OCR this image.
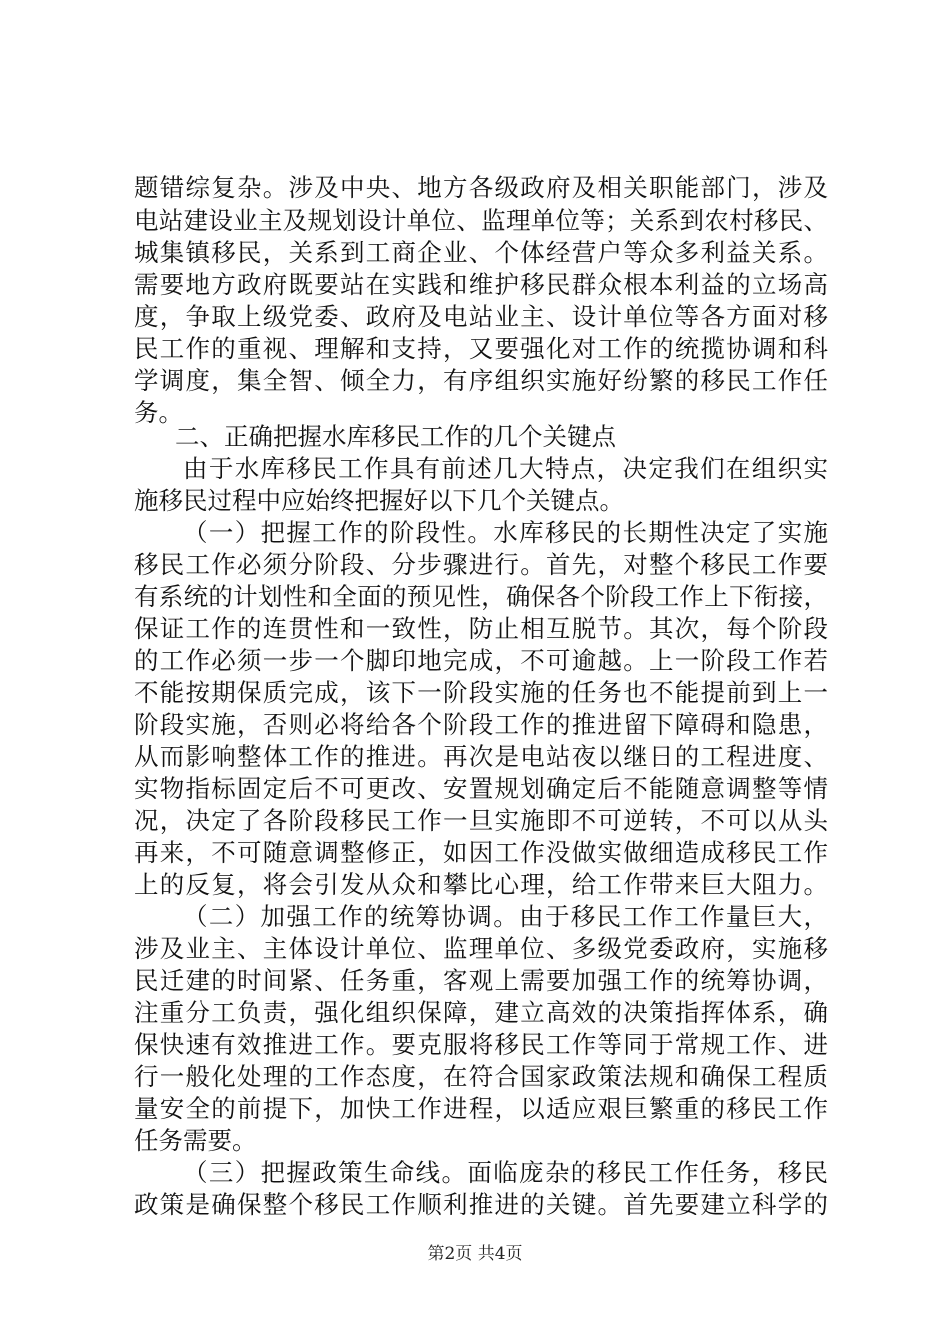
题错综复杂。涉及中央、地方各级政府及相关职能部门，涉及
电站建设业主及规划设计单位、监理单位等；关系到农村移民、
城集镇移民，关系到工商企业、个体经营户等众多利益关系。
需要地方政府既要站在实践和维护移民群众根本利益的立场高
度，争取上级党委、政府及电站业主、设计单位等各方面对移
民工作的重视、理解和支持，又要强化对工作的统揽协调和科
学调度，集全智、倾全力，有序组织实施好纷繁的移民工作任
务。
二、正确把握水库移民工作的几个关键点
由于水库移民工作具有前述几大特点，决定我们在组织实
施移民过程中应始终把握好以下几个关键点。
（一）把握工作的阶段性。水库移民的长期性决定了实施
移民工作必须分阶段、分步骤进行。首先，对整个移民工作要
有系统的计划性和全面的预见性，确保各个阶段工作上下衔接，
保证工作的连贯性和一致性，防止相互脱节。其次，每个阶段
的工作必须一步一个脚印地完成，不可逾越。上一阶段工作若
不能按期保质完成，该下一阶段实施的任务也不能提前到上一
阶段实施，否则必将给各个阶段工作的推进留下障碍和隐患，
从而影响整体工作的推进。再次是电站夜以继日的工程进度、
实物指标固定后不可更改、安置规划确定后不能随意调整等情
况，决定了各阶段移民工作一旦实施即不可逆转，不可以从头
再来，不可随意调整修正，如因工作没做实做细造成移民工作
上的反复，将会引发从众和攀比心理，给工作带来巨大阻力。
（二）加强工作的统筹协调。由于移民工作工作量巨大，
涉及业主、主体设计单位、监理单位、多级党委政府，实施移
民迁建的时间紧、任务重，客观上需要加强工作的统筹协调，
注重分工负责，强化组织保障，建立高效的决策指挥体系，确
保快速有效推进工作。要克服将移民工作等同于常规工作、进
行一般化处理的工作态度，在符合国家政策法规和确保工程质
量安全的前提下，加快工作进程，以适应艰巨繁重的移民工作
任务需要。
（三）把握政策生命线。面临庞杂的移民工作任务，移民
政策是确保整个移民工作顺利推进的关键。首先要建立科学的
第2页 共4页
